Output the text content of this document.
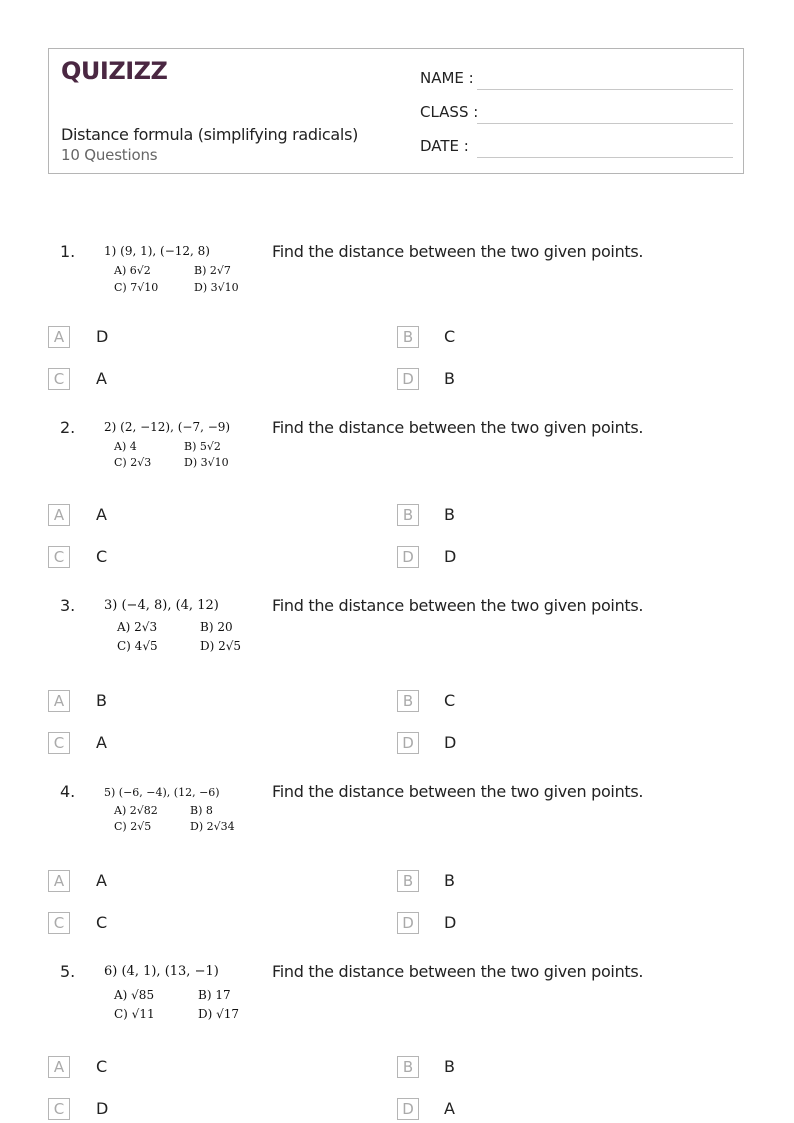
QUIZIZZ
Distance formula (simplifying radicals)
10 Questions
NAME :
CLASS :
DATE :
1. 1) (9, 1), (−12, 8)
A) 6√2	B) 2√7
C) 7√10	D) 3√10
Find the distance between the two given points.
A	D	B	C
C	A	D	B
2. 2) (2, −12), (−7, −9)
A) 4	B) 5√2
C) 2√3	D) 3√10
Find the distance between the two given points.
A	A	B	B
C	C	D	D
3. 3) (−4, 8), (4, 12)
A) 2√3	B) 20
C) 4√5	D) 2√5
Find the distance between the two given points.
A	B	B	C
C	A	D	D
4.	5) (−6, −4), (12, −6)
A) 2√82	B) 8
C) 2√5	D) 2√34
Find the distance between the two given points.
A	A	B	B
C	C	D	D
5. 6) (4, 1), (13, −1)
A) √85	B) 17
C) √11	D) √17
Find the distance between the two given points.
A	C	B	B
C	D	D	A
